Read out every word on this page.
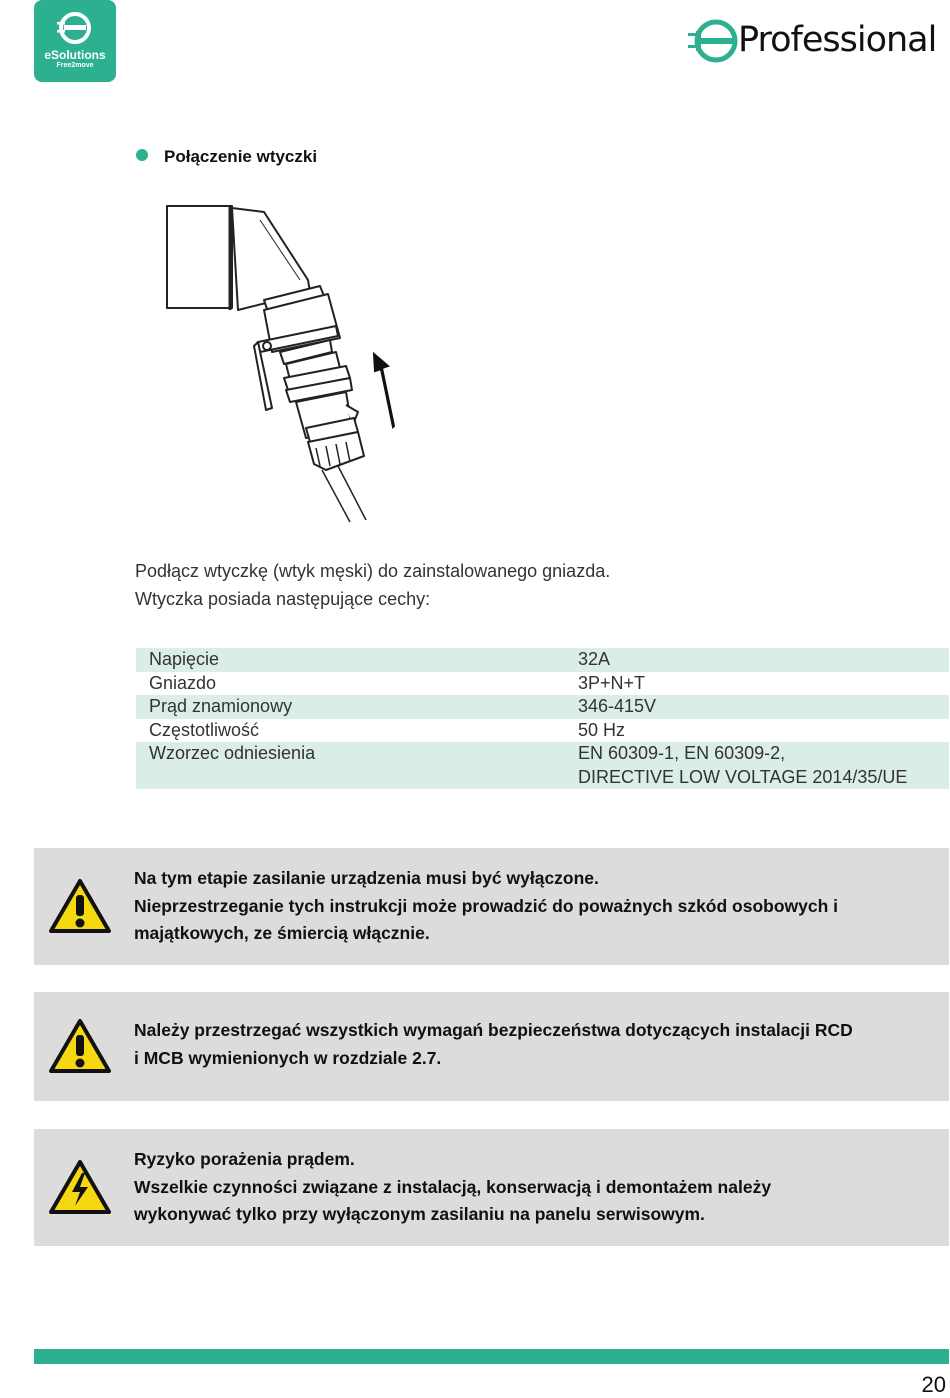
eSolutions
Free2move
Professional
Połączenie wtyczki
Podłącz wtyczkę (wtyk męski) do zainstalowanego gniazda.
Wtyczka posiada następujące cechy:
Napięcie	32A
Gniazdo	3P+N+T
Prąd znamionowy	346-415V
Częstotliwość	50 Hz
Wzorzec odniesienia	EN 60309-1, EN 60309-2,
DIRECTIVE LOW VOLTAGE 2014/35/UE
Na tym etapie zasilanie urządzenia musi być wyłączone.
Nieprzestrzeganie tych instrukcji może prowadzić do poważnych szkód osobowych i
majątkowych, ze śmiercią włącznie.
Należy przestrzegać wszystkich wymagań bezpieczeństwa dotyczących instalacji RCD
i MCB wymienionych w rozdziale 2.7.
Ryzyko porażenia prądem.
Wszelkie czynności związane z instalacją, konserwacją i demontażem należy
wykonywać tylko przy wyłączonym zasilaniu na panelu serwisowym.
20
